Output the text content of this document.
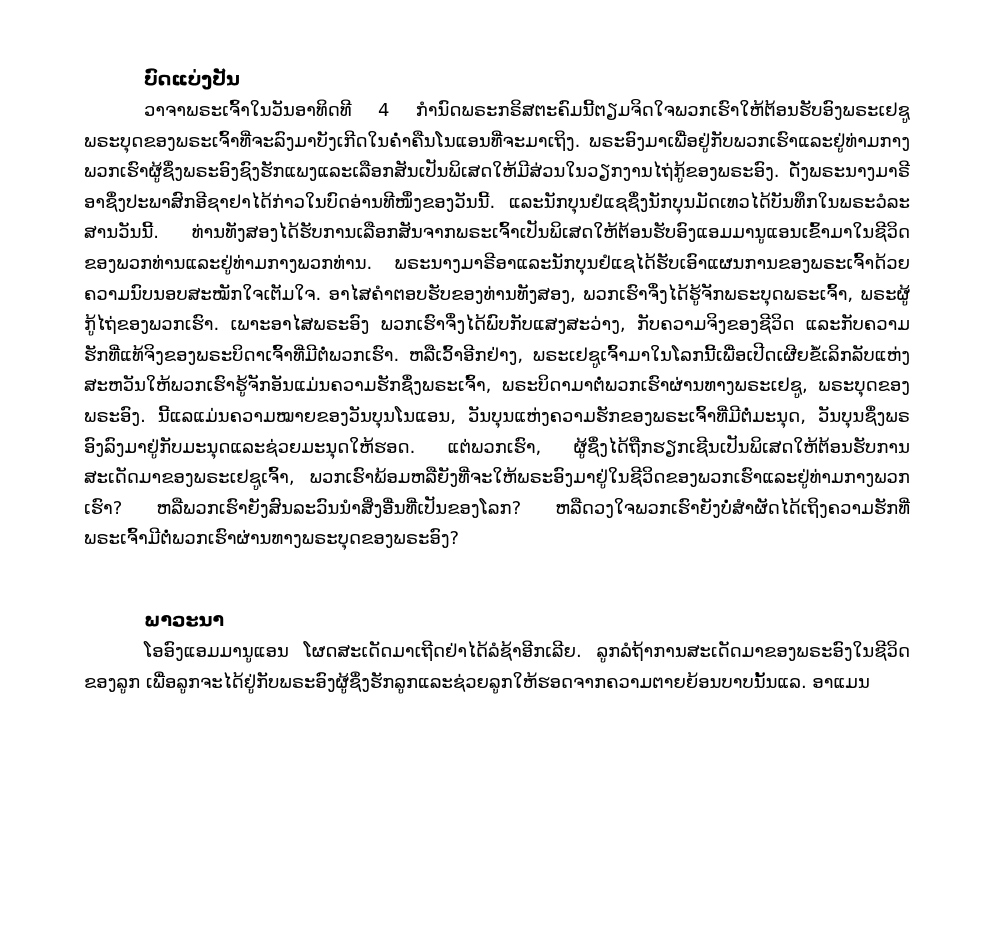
ບົດແບ່ງປັນ

ວາຈາພຣະເຈົ້າໃນວັນອາທິດທີ 4 ກຳນົດພຣະກຣິສຕະຄົມນີ້ຕຽມຈິດໃຈພວກເຮົາໃຫ້ຕ້ອນຮັບອົງພຣະເຢຊູພຣະບຸດຂອງພຣະເຈົ້າທີ່ຈະລົງມາບັງເກີດໃນຄ່ຳຄືນໂນແອນທີ່ຈະມາເຖິງ. ພຣະອົງມາເພື່ອຢູ່ກັບພວກເຮົາແລະຢູ່ທ່າມກາງພວກເຮົາຜູ້ຊຶ່ງພຣະອົງຊົງຮັກແພງແລະເລືອກສັນເປັນພິເສດໃຫ້ມີສ່ວນໃນວຽກງານໄຖ່ກູ້ຂອງພຣະອົງ. ດັ່ງພຣະນາງມາຣີອາຊຶ່ງປະພາສົກອີຊາຢາໄດ້ກ່າວໃນບົດອ່ານທີໜຶ່ງຂອງວັນນີ້. ແລະນັກບຸນຢໍແຊຊຶ່ງນັກບຸນມັດເທວໄດ້ບັນທຶກໃນພຣະວໍລະສານວັນນີ້. ທ່ານທັງສອງໄດ້ຮັບການເລືອກສັນຈາກພຣະເຈົ້າເປັນພິເສດໃຫ້ຕ້ອນຮັບອົງແອມມານູແອນເຂົ້າມາໃນຊີວິດຂອງພວກທ່ານແລະຢູ່ທ່າມກາງພວກທ່ານ. ພຣະນາງມາຣີອາແລະນັກບຸນຢໍແຊໄດ້ຮັບເອົາແຜນການຂອງພຣະເຈົ້າດ້ວຍຄວາມນົບນອບສະໝັກໃຈເຕັມໃຈ. ອາໄສຄຳຕອບຮັບຂອງທ່ານທັງສອງ, ພວກເຮົາຈຶ່ງໄດ້ຮູ້ຈັກພຣະບຸດພຣະເຈົ້າ, ພຣະຜູ້ກູ້ໄຖ່ຂອງພວກເຮົາ. ເພາະອາໄສພຣະອົງ ພວກເຮົາຈຶ່ງໄດ້ພົບກັບແສງສະວ່າງ, ກັບຄວາມຈິງຂອງຊີວິດ ແລະກັບຄວາມຮັກທີ່ແທ້ຈິງຂອງພຣະບິດາເຈົ້າທີ່ມີຕໍ່ພວກເຮົາ. ຫລືເວົ້າອີກຢ່າງ, ພຣະເຢຊູເຈົ້າມາໃນໂລກນີ້ເພື່ອເປີດເຜີຍຂໍ້ເລິກລັບແຫ່ງສະຫວັນໃຫ້ພວກເຮົາຮູ້ຈັກອັນແມ່ນຄວາມຮັກຊຶ່ງພຣະເຈົ້າ, ພຣະບິດາມາຕໍ່ພວກເຮົາຜ່ານທາງພຣະເຢຊູ, ພຣະບຸດຂອງພຣະອົງ. ນີ້ແລແມ່ນຄວາມໝາຍຂອງວັນບຸນໂນແອນ, ວັນບຸນແຫ່ງຄວາມຮັກຂອງພຣະເຈົ້າທີ່ມີຕໍ່ມະນຸດ, ວັນບຸນຊຶ່ງພຣອົງລົງມາຢູ່ກັບມະນຸດແລະຊ່ວຍມະນຸດໃຫ້ຮອດ. ແຕ່ພວກເຮົາ, ຜູ້ຊຶ່ງໄດ້ຖືກຮຽກເຊີນເປັນພິເສດໃຫ້ຕ້ອນຮັບການສະເດັດມາຂອງພຣະເຢຊູເຈົ້າ, ພວກເຮົາພ້ອມຫລືຍັງທີ່ຈະໃຫ້ພຣະອົງມາຢູ່ໃນຊີວິດຂອງພວກເຮົາແລະຢູ່ທ່າມກາງພວກເຮົາ? ຫລືພວກເຮົາຍັງສົນລະວົນນຳສິ່ງອື່ນທີ່ເປັນຂອງໂລກ? ຫລືດວງໃຈພວກເຮົາຍັງບໍ່ສຳຜັດໄດ້ເຖິງຄວາມຮັກທີ່ພຣະເຈົ້າມີຕໍ່ພວກເຮົາຜ່ານທາງພຣະບຸດຂອງພຣະອົງ?

ພາວະນາ

ໂອອົງແອມມານູແອນ ໂຜດສະເດັດມາເຖີດຢ່າໄດ້ລໍຊ້າອີກເລີຍ. ລູກລໍຖ້າການສະເດັດມາຂອງພຣະອົງໃນຊີວິດຂອງລູກ ເພື່ອລູກຈະໄດ້ຢູ່ກັບພຣະອົງຜູ້ຊຶ່ງຮັກລູກແລະຊ່ວຍລູກໃຫ້ຮອດຈາກຄວາມຕາຍຍ້ອນບາບນັ້ນແລ. ອາແມນ
